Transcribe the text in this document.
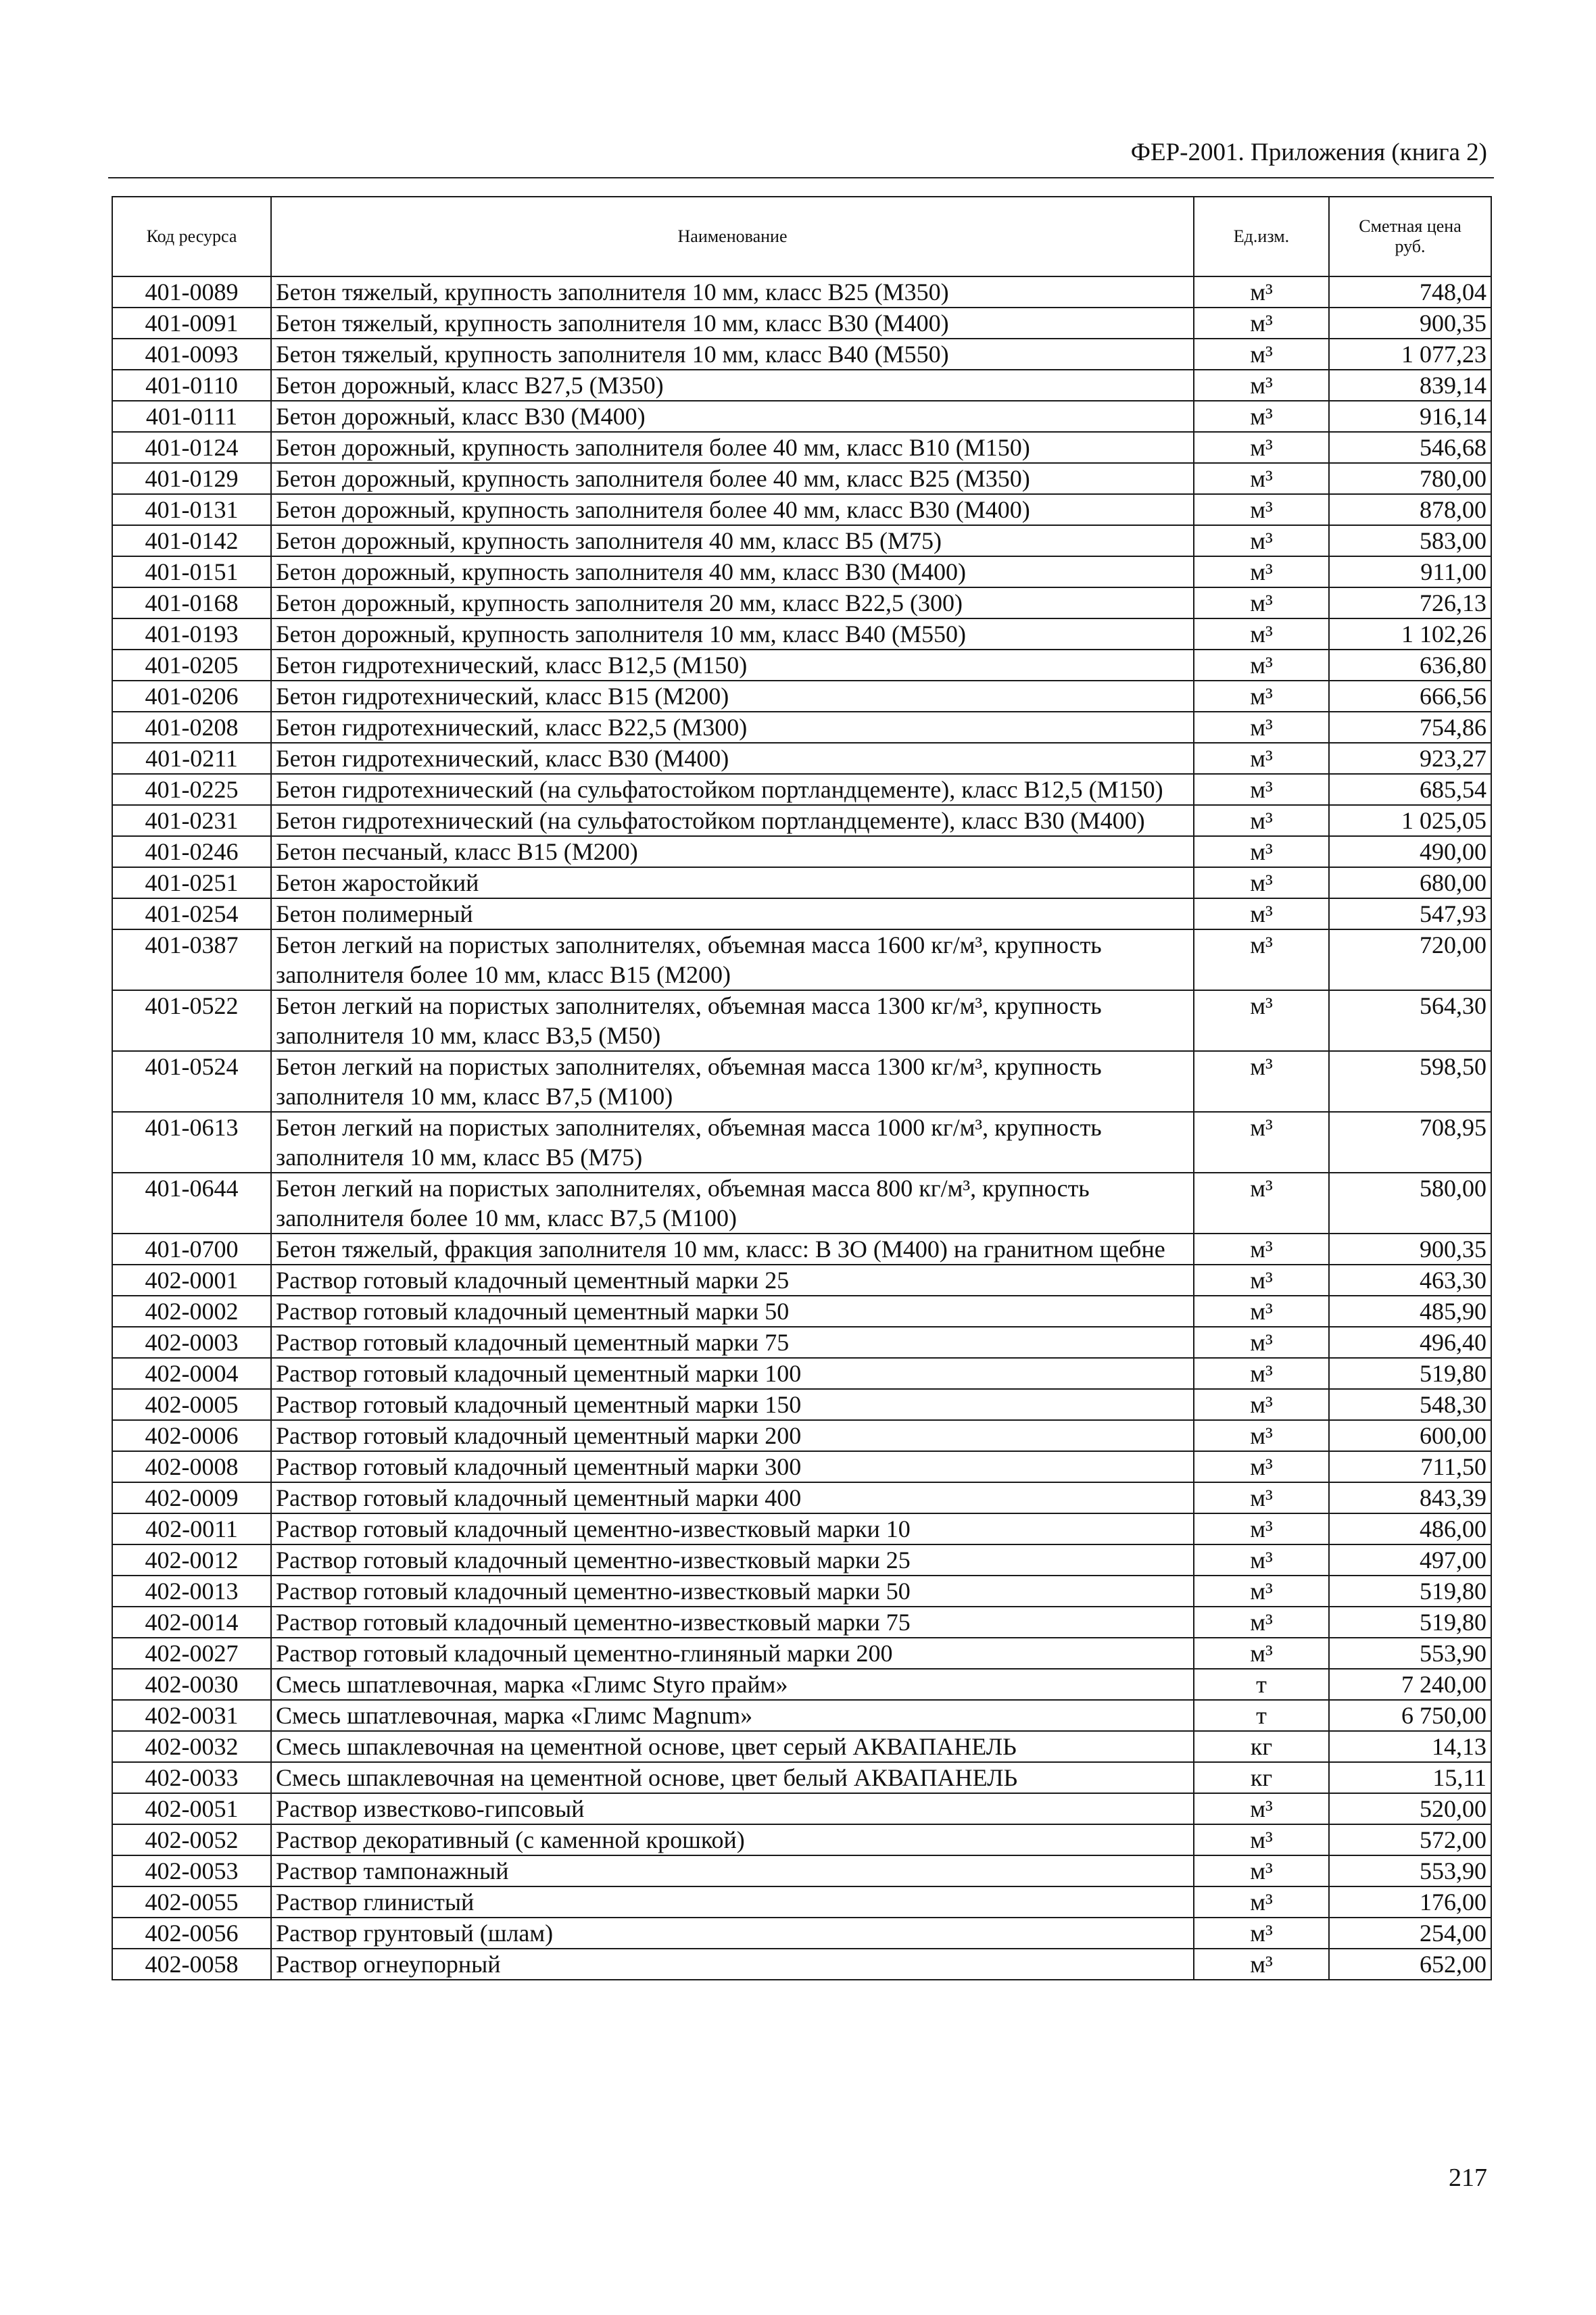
ФЕР-2001. Приложения (книга 2)
Код ресурса	Наименование	Ед.изм.	Сметная цена руб.
401-0089	Бетон тяжелый, крупность заполнителя 10 мм, класс В25 (М350)	м³	748,04
401-0091	Бетон тяжелый, крупность заполнителя 10 мм, класс В30 (М400)	м³	900,35
401-0093	Бетон тяжелый, крупность заполнителя 10 мм, класс В40 (М550)	м³	1 077,23
401-0110	Бетон дорожный, класс В27,5 (М350)	м³	839,14
401-0111	Бетон дорожный, класс В30 (М400)	м³	916,14
401-0124	Бетон дорожный, крупность заполнителя более 40 мм, класс В10 (М150)	м³	546,68
401-0129	Бетон дорожный, крупность заполнителя более 40 мм, класс В25 (М350)	м³	780,00
401-0131	Бетон дорожный, крупность заполнителя более 40 мм, класс В30 (М400)	м³	878,00
401-0142	Бетон дорожный, крупность заполнителя 40 мм, класс В5 (М75)	м³	583,00
401-0151	Бетон дорожный, крупность заполнителя 40 мм, класс В30 (М400)	м³	911,00
401-0168	Бетон дорожный, крупность заполнителя 20 мм, класс В22,5 (300)	м³	726,13
401-0193	Бетон дорожный, крупность заполнителя 10 мм, класс В40 (М550)	м³	1 102,26
401-0205	Бетон гидротехнический, класс В12,5 (М150)	м³	636,80
401-0206	Бетон гидротехнический, класс В15 (М200)	м³	666,56
401-0208	Бетон гидротехнический, класс В22,5 (М300)	м³	754,86
401-0211	Бетон гидротехнический, класс В30 (М400)	м³	923,27
401-0225	Бетон гидротехнический (на сульфатостойком портландцементе), класс В12,5 (М150)	м³	685,54
401-0231	Бетон гидротехнический (на сульфатостойком портландцементе), класс В30 (М400)	м³	1 025,05
401-0246	Бетон песчаный, класс В15 (М200)	м³	490,00
401-0251	Бетон жаростойкий	м³	680,00
401-0254	Бетон полимерный	м³	547,93
401-0387	Бетон легкий на пористых заполнителях, объемная масса 1600 кг/м³, крупность заполнителя более 10 мм, класс В15 (М200)	м³	720,00
401-0522	Бетон легкий на пористых заполнителях, объемная масса 1300 кг/м³, крупность заполнителя 10 мм, класс В3,5 (М50)	м³	564,30
401-0524	Бетон легкий на пористых заполнителях, объемная масса 1300 кг/м³, крупность заполнителя 10 мм, класс В7,5 (М100)	м³	598,50
401-0613	Бетон легкий на пористых заполнителях, объемная масса 1000 кг/м³, крупность заполнителя 10 мм, класс В5 (М75)	м³	708,95
401-0644	Бетон легкий на пористых заполнителях, объемная масса 800 кг/м³, крупность заполнителя более 10 мм, класс В7,5 (М100)	м³	580,00
401-0700	Бетон тяжелый, фракция заполнителя 10 мм, класс: В 3О (М400) на гранитном щебне	м³	900,35
402-0001	Раствор готовый кладочный цементный марки 25	м³	463,30
402-0002	Раствор готовый кладочный цементный марки 50	м³	485,90
402-0003	Раствор готовый кладочный цементный марки 75	м³	496,40
402-0004	Раствор готовый кладочный цементный марки 100	м³	519,80
402-0005	Раствор готовый кладочный цементный марки 150	м³	548,30
402-0006	Раствор готовый кладочный цементный марки 200	м³	600,00
402-0008	Раствор готовый кладочный цементный марки 300	м³	711,50
402-0009	Раствор готовый кладочный цементный марки 400	м³	843,39
402-0011	Раствор готовый кладочный цементно-известковый марки 10	м³	486,00
402-0012	Раствор готовый кладочный цементно-известковый марки 25	м³	497,00
402-0013	Раствор готовый кладочный цементно-известковый марки 50	м³	519,80
402-0014	Раствор готовый кладочный цементно-известковый марки 75	м³	519,80
402-0027	Раствор готовый кладочный цементно-глиняный марки 200	м³	553,90
402-0030	Смесь шпатлевочная, марка «Глимс Styro прайм»	т	7 240,00
402-0031	Смесь шпатлевочная, марка «Глимс Magnum»	т	6 750,00
402-0032	Смесь шпаклевочная на цементной основе, цвет серый АКВАПАНЕЛЬ	кг	14,13
402-0033	Смесь шпаклевочная на цементной основе, цвет белый АКВАПАНЕЛЬ	кг	15,11
402-0051	Раствор известково-гипсовый	м³	520,00
402-0052	Раствор декоративный (с каменной крошкой)	м³	572,00
402-0053	Раствор тампонажный	м³	553,90
402-0055	Раствор глинистый	м³	176,00
402-0056	Раствор грунтовый (шлам)	м³	254,00
402-0058	Раствор огнеупорный	м³	652,00
217
